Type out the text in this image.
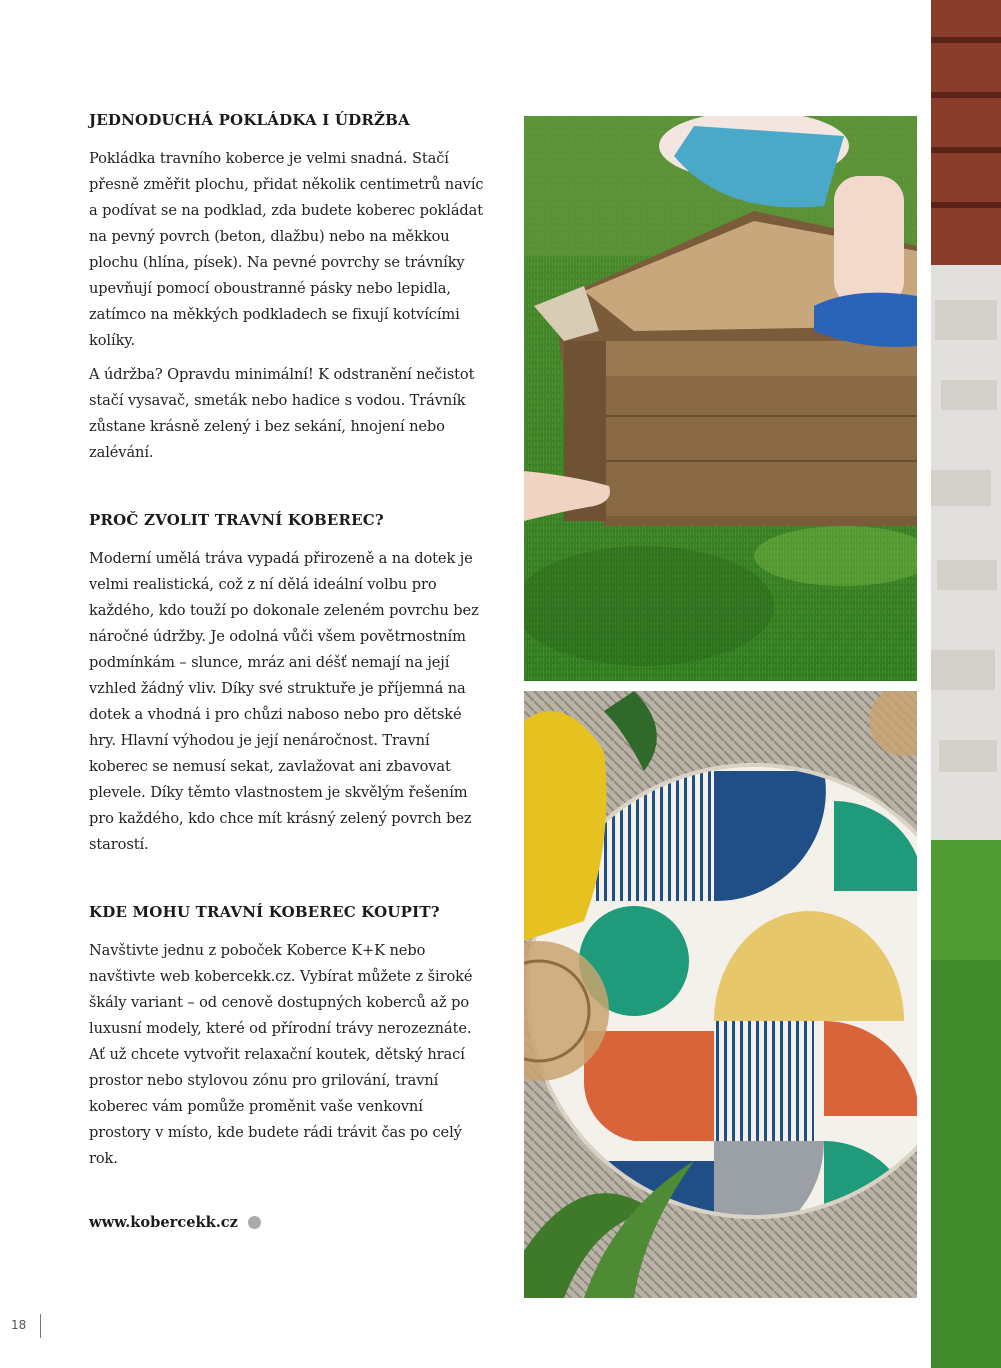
JEDNODUCHÁ POKLÁDKA I ÚDRŽBA

Pokládka travního koberce je velmi snadná. Stačí přesně změřit plochu, přidat několik centimetrů navíc a podívat se na podklad, zda budete koberec pokládat na pevný povrch (beton, dlažbu) nebo na měkkou plochu (hlína, písek). Na pevné povrchy se trávníky upevňují pomocí oboustranné pásky nebo lepidla, zatímco na měkkých podkladech se fixují kotvícími kolíky.

A údržba? Opravdu minimální! K odstranění nečistot stačí vysavač, smeták nebo hadice s vodou. Trávník zůstane krásně zelený i bez sekání, hnojení nebo zalévání.

PROČ ZVOLIT TRAVNÍ KOBEREC?

Moderní umělá tráva vypadá přirozeně a na dotek je velmi realistická, což z ní dělá ideální volbu pro každého, kdo touží po dokonale zeleném povrchu bez náročné údržby. Je odolná vůči všem povětrnostním podmínkám – slunce, mráz ani déšť nemají na její vzhled žádný vliv. Díky své struktuře je příjemná na dotek a vhodná i pro chůzi naboso nebo pro dětské hry. Hlavní výhodou je její nenáročnost. Travní koberec se nemusí sekat, zavlažovat ani zbavovat plevele. Díky těmto vlastnostem je skvělým řešením pro každého, kdo chce mít krásný zelený povrch bez starostí.

KDE MOHU TRAVNÍ KOBEREC KOUPIT?

Navštivte jednu z poboček Koberce K+K nebo navštivte web kobercekk.cz. Vybírat můžete z široké škály variant – od cenově dostupných koberců až po luxusní modely, které od přírodní trávy nerozeznáte. Ať už chcete vytvořit relaxační koutek, dětský hrací prostor nebo stylovou zónu pro grilování, travní koberec vám pomůže proměnit vaše venkovní prostory v místo, kde budete rádi trávit čas po celý rok.

www.kobercekk.cz
18
